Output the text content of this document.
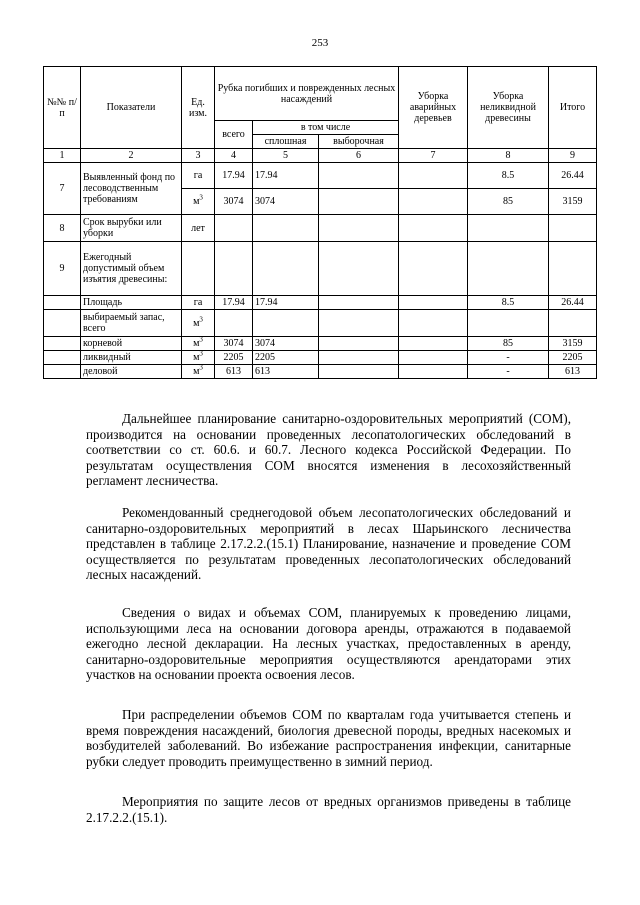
253
№№ п/п	Показатели	Ед. изм.	Рубка погибших и поврежденных лесных насаждений			Уборка аварийных деревьев	Уборка неликвидной древесины	Итого
			всего	в том числе				
				сплошная	выборочная			
1	2	3	4	5	6	7	8	9
7	Выявленный фонд по лесоводственным требованиям	га	17.94	17.94			8.5	26.44
		$м^3$	3074	3074			85	3159
8	Срок вырубки или уборки	лет						
9	Ежегодный допустимый объем изъятия древесины:							
	Площадь	га	17.94	17.94			8.5	26.44
	выбираемый запас, всего	$м^3$						
	корневой	$м^3$	3074	3074			85	3159
	ликвидный	$м^3$	2205	2205			-	2205
	деловой	$м^3$	613	613			-	613

Дальнейшее планирование санитарно-оздоровительных мероприятий (СОМ), производится на основании проведенных лесопатологических обследований в соответствии со ст. 60.6. и 60.7. Лесного кодекса Российской Федерации. По результатам осуществления СОМ вносятся изменения в лесохозяйственный регламент лесничества.

Рекомендованный среднегодовой объем лесопатологических обследований и санитарно-оздоровительных мероприятий в лесах Шарьинского лесничества представлен в таблице 2.17.2.2.(15.1) Планирование, назначение и проведение СОМ осуществляется по результатам проведенных лесопатологических обследований лесных насаждений.

Сведения о видах и объемах СОМ, планируемых к проведению лицами, использующими леса на основании договора аренды, отражаются в подаваемой ежегодно лесной декларации. На лесных участках, предоставленных в аренду, санитарно-оздоровительные мероприятия осуществляются арендаторами этих участков на основании проекта освоения лесов.

При распределении объемов СОМ по кварталам года учитывается степень и время повреждения насаждений, биология древесной породы, вредных насекомых и возбудителей заболеваний. Во избежание распространения инфекции, санитарные рубки следует проводить преимущественно в зимний период.

Мероприятия по защите лесов от вредных организмов приведены в таблице 2.17.2.2.(15.1).
